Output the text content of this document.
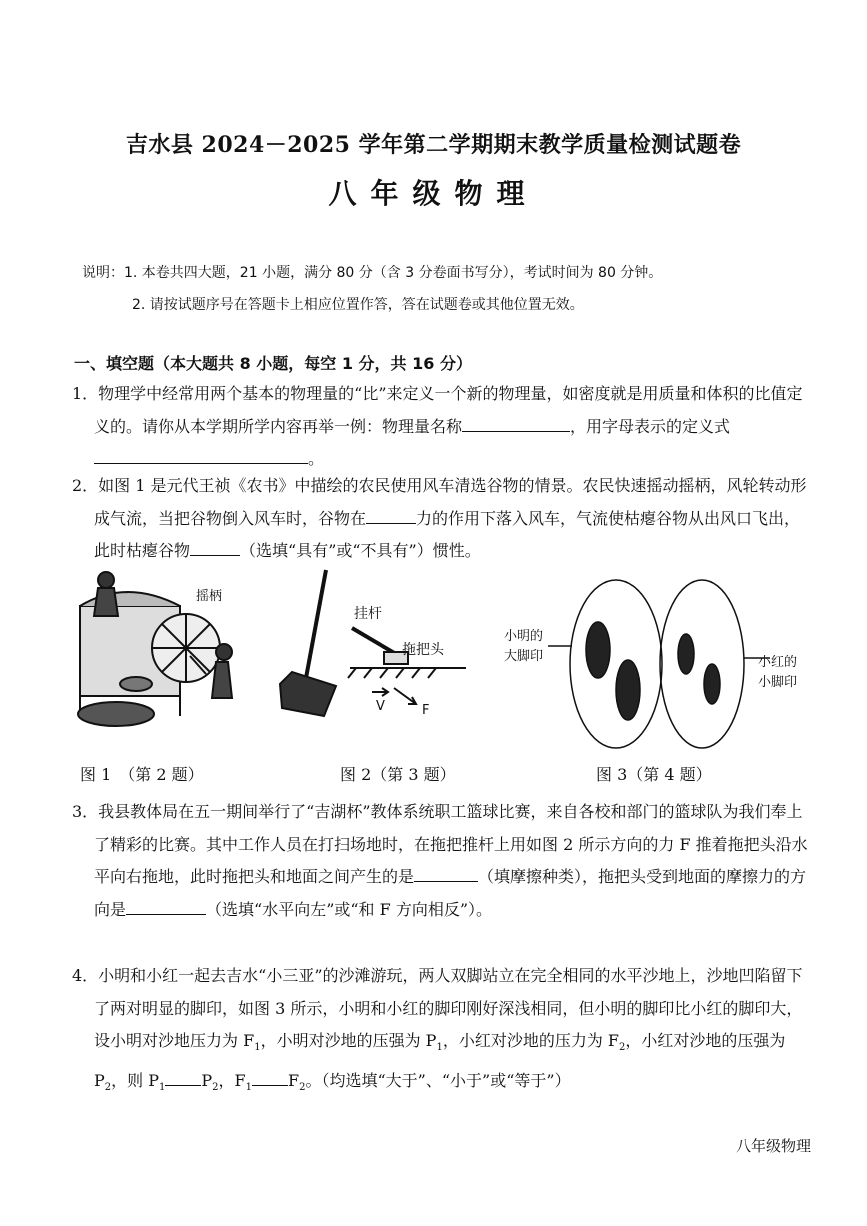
吉水县 2024－2025 学年第二学期期末教学质量检测试题卷
八年级物理
说明：1. 本卷共四大题，21 小题，满分 80 分（含 3 分卷面书写分），考试时间为 80 分钟。
2. 请按试题序号在答题卡上相应位置作答，答在试题卷或其他位置无效。
一、填空题（本大题共 8 小题，每空 1 分，共 16 分）
1．物理学中经常用两个基本的物理量的“比”来定义一个新的物理量，如密度就是用质量和体积的比值定义的。请你从本学期所学内容再举一例：物理量名称	，用字母表示的定义式。
2．如图 1 是元代王祯《农书》中描绘的农民使用风车清选谷物的情景。农民快速摇动摇柄，风轮转动形成气流，当把谷物倒入风车时，谷物在	力的作用下落入风车，气流使枯瘪谷物从出风口飞出，此时枯瘪谷物	（选填“具有”或“不具有”）惯性。
摇柄
挂杆
拖把头
V	F
小明的
大脚印	小红的
小脚印
图 1　（第 2 题）	图 2（第 3 题）	图 3（第 4 题）
3．我县教体局在五一期间举行了“吉湖杯”教体系统职工篮球比赛，来自各校和部门的篮球队为我们奉上了精彩的比赛。其中工作人员在打扫场地时，在拖把推杆上用如图 2 所示方向的力 F 推着拖把头沿水平向右拖地，此时拖把头和地面之间产生的是	（填摩擦种类），拖把头受到地面的摩擦力的方向是	（选填“水平向左”或“和 F 方向相反”）。
4．小明和小红一起去吉水“小三亚”的沙滩游玩，两人双脚站立在完全相同的水平沙地上，沙地凹陷留下了两对明显的脚印，如图 3 所示，小明和小红的脚印刚好深浅相同，但小明的脚印比小红的脚印大，设小明对沙地压力为 $F_1$，小明对沙地的压强为 $P_1$，小红对沙地的压力为 $F_2$，小红对沙地的压强为 $P_2$，则 $P_1$ $P_2$，$F_1$ $F_2$。（均选填“大于”、“小于”或“等于”）
八年级物理
